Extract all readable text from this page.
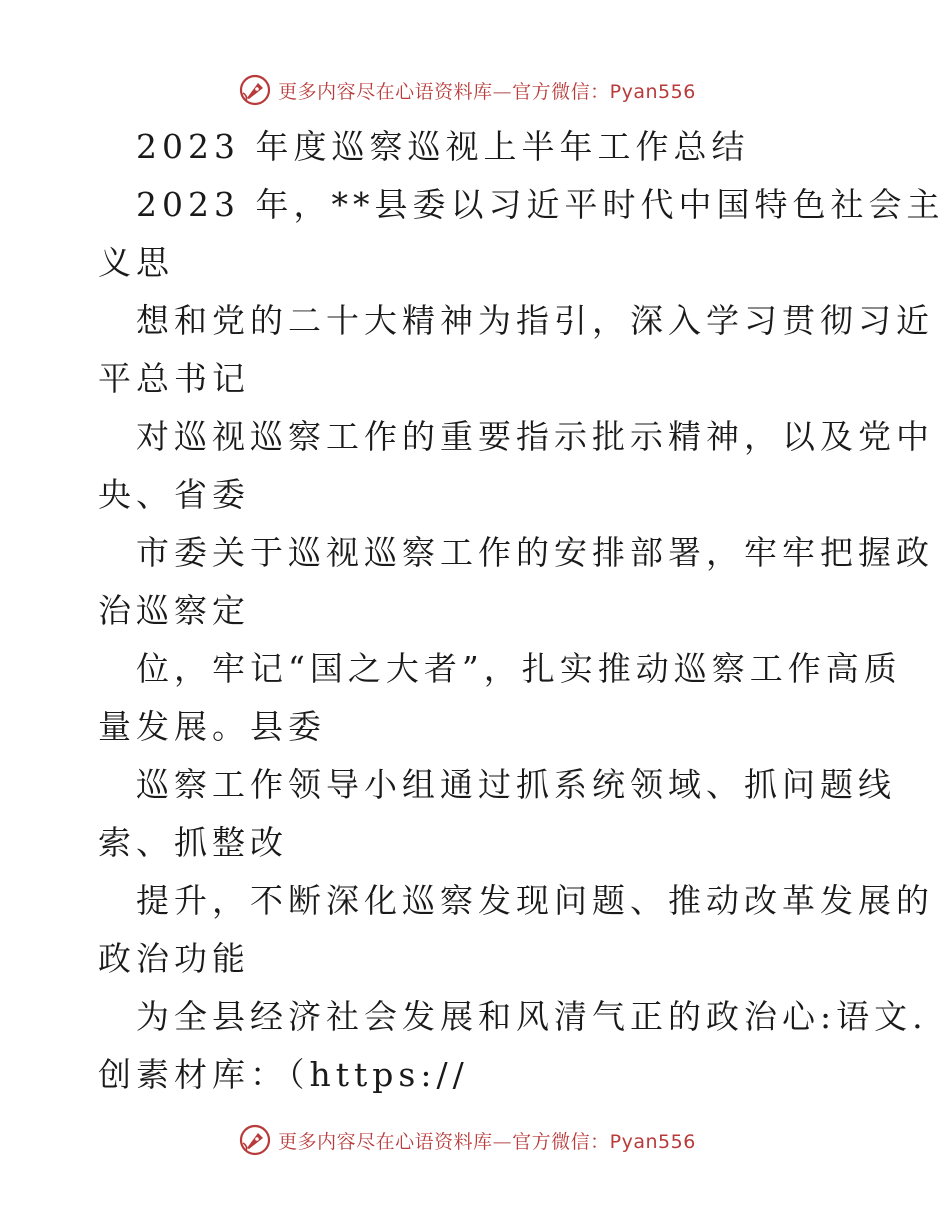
更多内容尽在心语资料库—官方微信：Pyan556
2023 年度巡察巡视上半年工作总结
2023 年，**县委以习近平时代中国特色社会主
义思
想和党的二十大精神为指引，深入学习贯彻习近
平总书记
对巡视巡察工作的重要指示批示精神，以及党中
央、省委
市委关于巡视巡察工作的安排部署，牢牢把握政
治巡察定
位，牢记“国之大者”，扎实推动巡察工作高质
量发展。县委
巡察工作领导小组通过抓系统领域、抓问题线
索、抓整改
提升，不断深化巡察发现问题、推动改革发展的
政治功能
为全县经济社会发展和风清气正的政治心:语文.
创素材库：（https://
更多内容尽在心语资料库—官方微信：Pyan556
